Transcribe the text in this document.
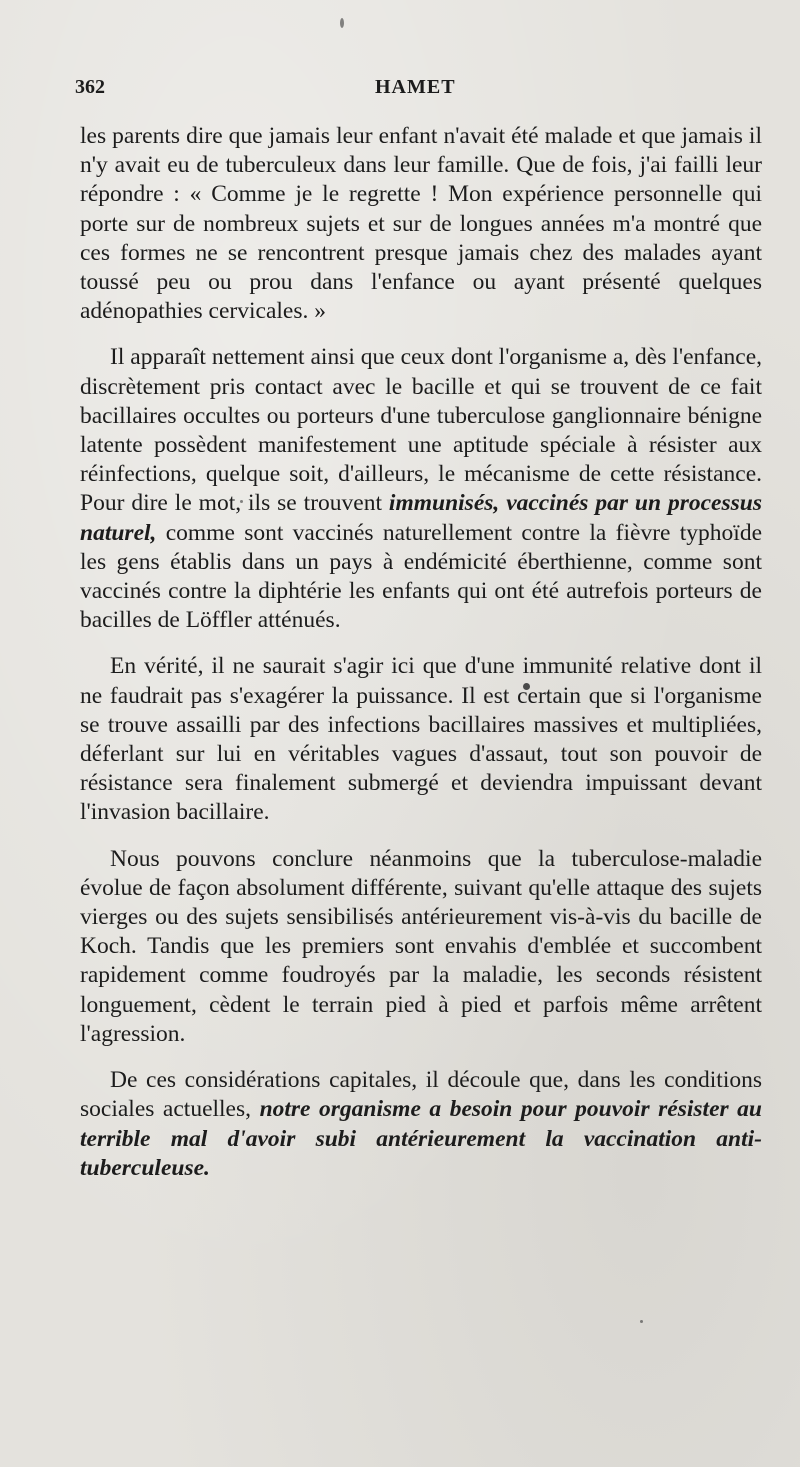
362	HAMET

les parents dire que jamais leur enfant n'avait été malade et que jamais il n'y avait eu de tuberculeux dans leur famille. Que de fois, j'ai failli leur répondre : « Comme je le regrette ! Mon expérience personnelle qui porte sur de nombreux sujets et sur de longues années m'a montré que ces formes ne se rencontrent presque jamais chez des malades ayant toussé peu ou prou dans l'enfance ou ayant présenté quelques adénopathies cervicales. »

Il apparaît nettement ainsi que ceux dont l'organisme a, dès l'enfance, discrètement pris contact avec le bacille et qui se trouvent de ce fait bacillaires occultes ou porteurs d'une tuberculose ganglionnaire bénigne latente possèdent manifestement une aptitude spéciale à résister aux réinfections, quelque soit, d'ailleurs, le mécanisme de cette résistance. Pour dire le mot, ils se trouvent immunisés, vaccinés par un processus naturel, comme sont vaccinés naturellement contre la fièvre typhoïde les gens établis dans un pays à endémicité éberthienne, comme sont vaccinés contre la diphtérie les enfants qui ont été autrefois porteurs de bacilles de Löffler atténués.

En vérité, il ne saurait s'agir ici que d'une immunité relative dont il ne faudrait pas s'exagérer la puissance. Il est certain que si l'organisme se trouve assailli par des infections bacillaires massives et multipliées, déferlant sur lui en véritables vagues d'assaut, tout son pouvoir de résistance sera finalement submergé et deviendra impuissant devant l'invasion bacillaire.

Nous pouvons conclure néanmoins que la tuberculose-maladie évolue de façon absolument différente, suivant qu'elle attaque des sujets vierges ou des sujets sensibilisés antérieurement vis-à-vis du bacille de Koch. Tandis que les premiers sont envahis d'emblée et succombent rapidement comme foudroyés par la maladie, les seconds résistent longuement, cèdent le terrain pied à pied et parfois même arrêtent l'agression.

De ces considérations capitales, il découle que, dans les conditions sociales actuelles, notre organisme a besoin pour pouvoir résister au terrible mal d'avoir subi antérieurement la vaccination anti-tuberculeuse.
